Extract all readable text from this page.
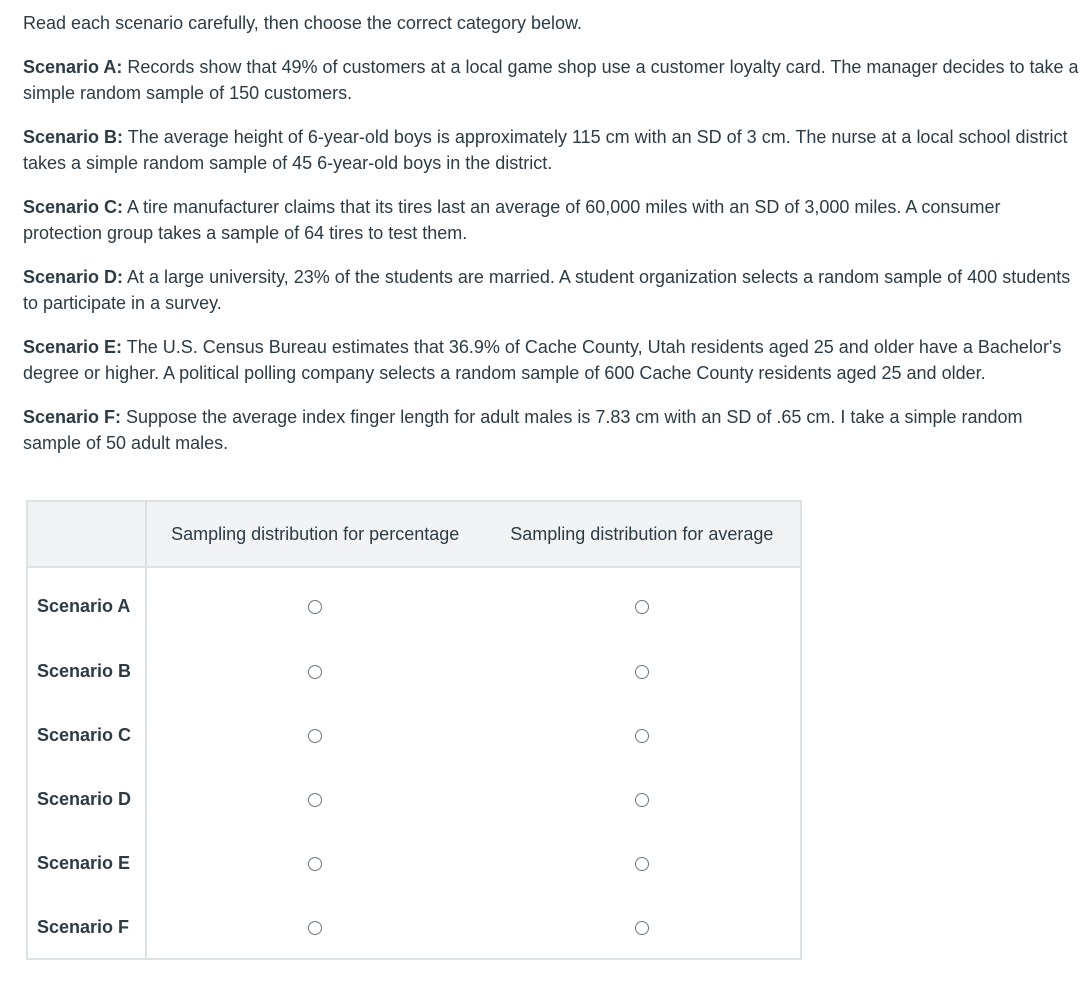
Read each scenario carefully, then choose the correct category below.

Scenario A: Records show that 49% of customers at a local game shop use a customer loyalty card. The manager decides to take a simple random sample of 150 customers.

Scenario B: The average height of 6-year-old boys is approximately 115 cm with an SD of 3 cm. The nurse at a local school district takes a simple random sample of 45 6-year-old boys in the district.

Scenario C: A tire manufacturer claims that its tires last an average of 60,000 miles with an SD of 3,000 miles. A consumer protection group takes a sample of 64 tires to test them.

Scenario D: At a large university, 23% of the students are married. A student organization selects a random sample of 400 students to participate in a survey.

Scenario E: The U.S. Census Bureau estimates that 36.9% of Cache County, Utah residents aged 25 and older have a Bachelor's degree or higher. A political polling company selects a random sample of 600 Cache County residents aged 25 and older.

Scenario F: Suppose the average index finger length for adult males is 7.83 cm with an SD of .65 cm. I take a simple random sample of 50 adult males.

	Sampling distribution for percentage	Sampling distribution for average
Scenario A		
Scenario B		
Scenario C		
Scenario D		
Scenario E		
Scenario F		
